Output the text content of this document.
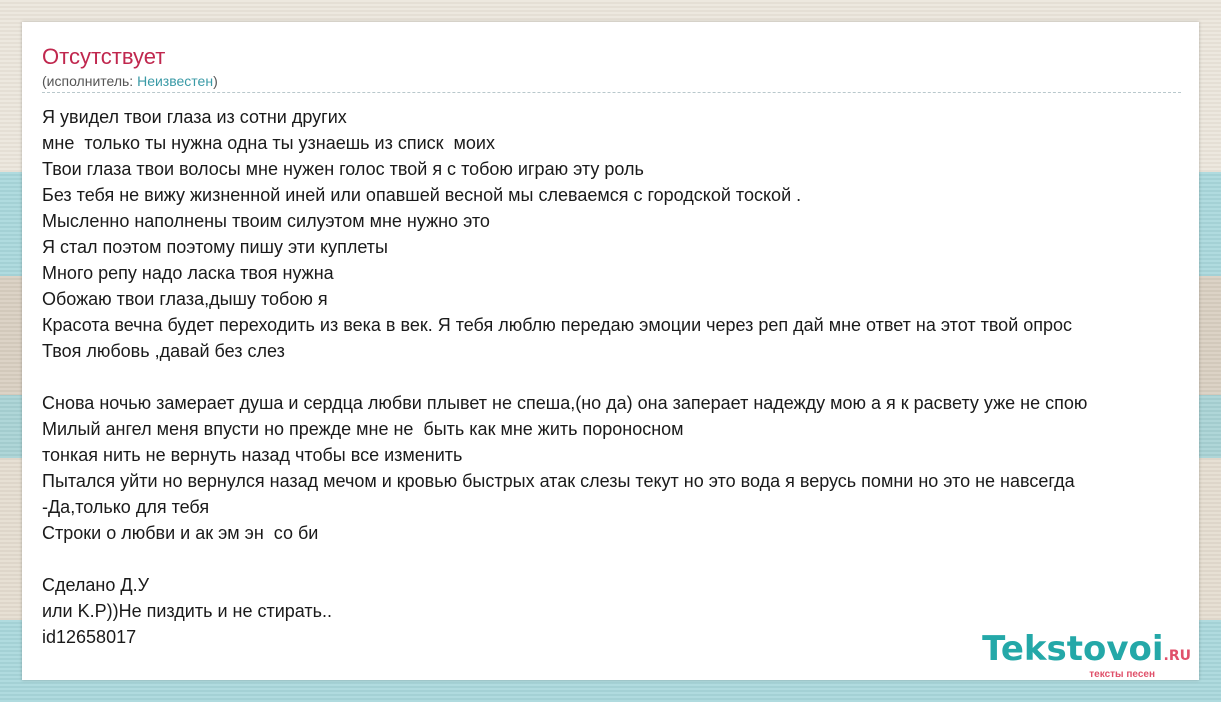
Отсутствует
(исполнитель: Неизвестен)
Я увидел твои глаза из сотни других
мне  только ты нужна одна ты узнаешь из списк  моих
Твои глаза твои волосы мне нужен голос твой я с тобою играю эту роль
Без тебя не вижу жизненной иней или опавшей весной мы слеваемся с городской тоской .
Мысленно наполнены твоим силуэтом мне нужно это
Я стал поэтом поэтому пишу эти куплеты
Много репу надо ласка твоя нужна
Обожаю твои глаза,дышу тобою я
Красота вечна будет переходить из века в век. Я тебя люблю передаю эмоции через реп дай мне ответ на этот твой опрос
Твоя любовь ,давай без слез
Снова ночью замерает душа и сердца любви плывет не спеша,(но да) она заперает надежду мою а я к расвету уже не спою
Милый ангел меня впусти но прежде мне не  быть как мне жить пороносном
тонкая нить не вернуть назад чтобы все изменить
Пытался уйти но вернулся назад мечом и кровью быстрых атак слезы текут но это вода я верусь помни но это не навсегда
-Да,только для тебя
Строки о любви и ак эм эн  со би
Сделано Д.У
или K.P))Не пиздить и не стирать..
id12658017	Tekstovoi.RU
тексты песен
